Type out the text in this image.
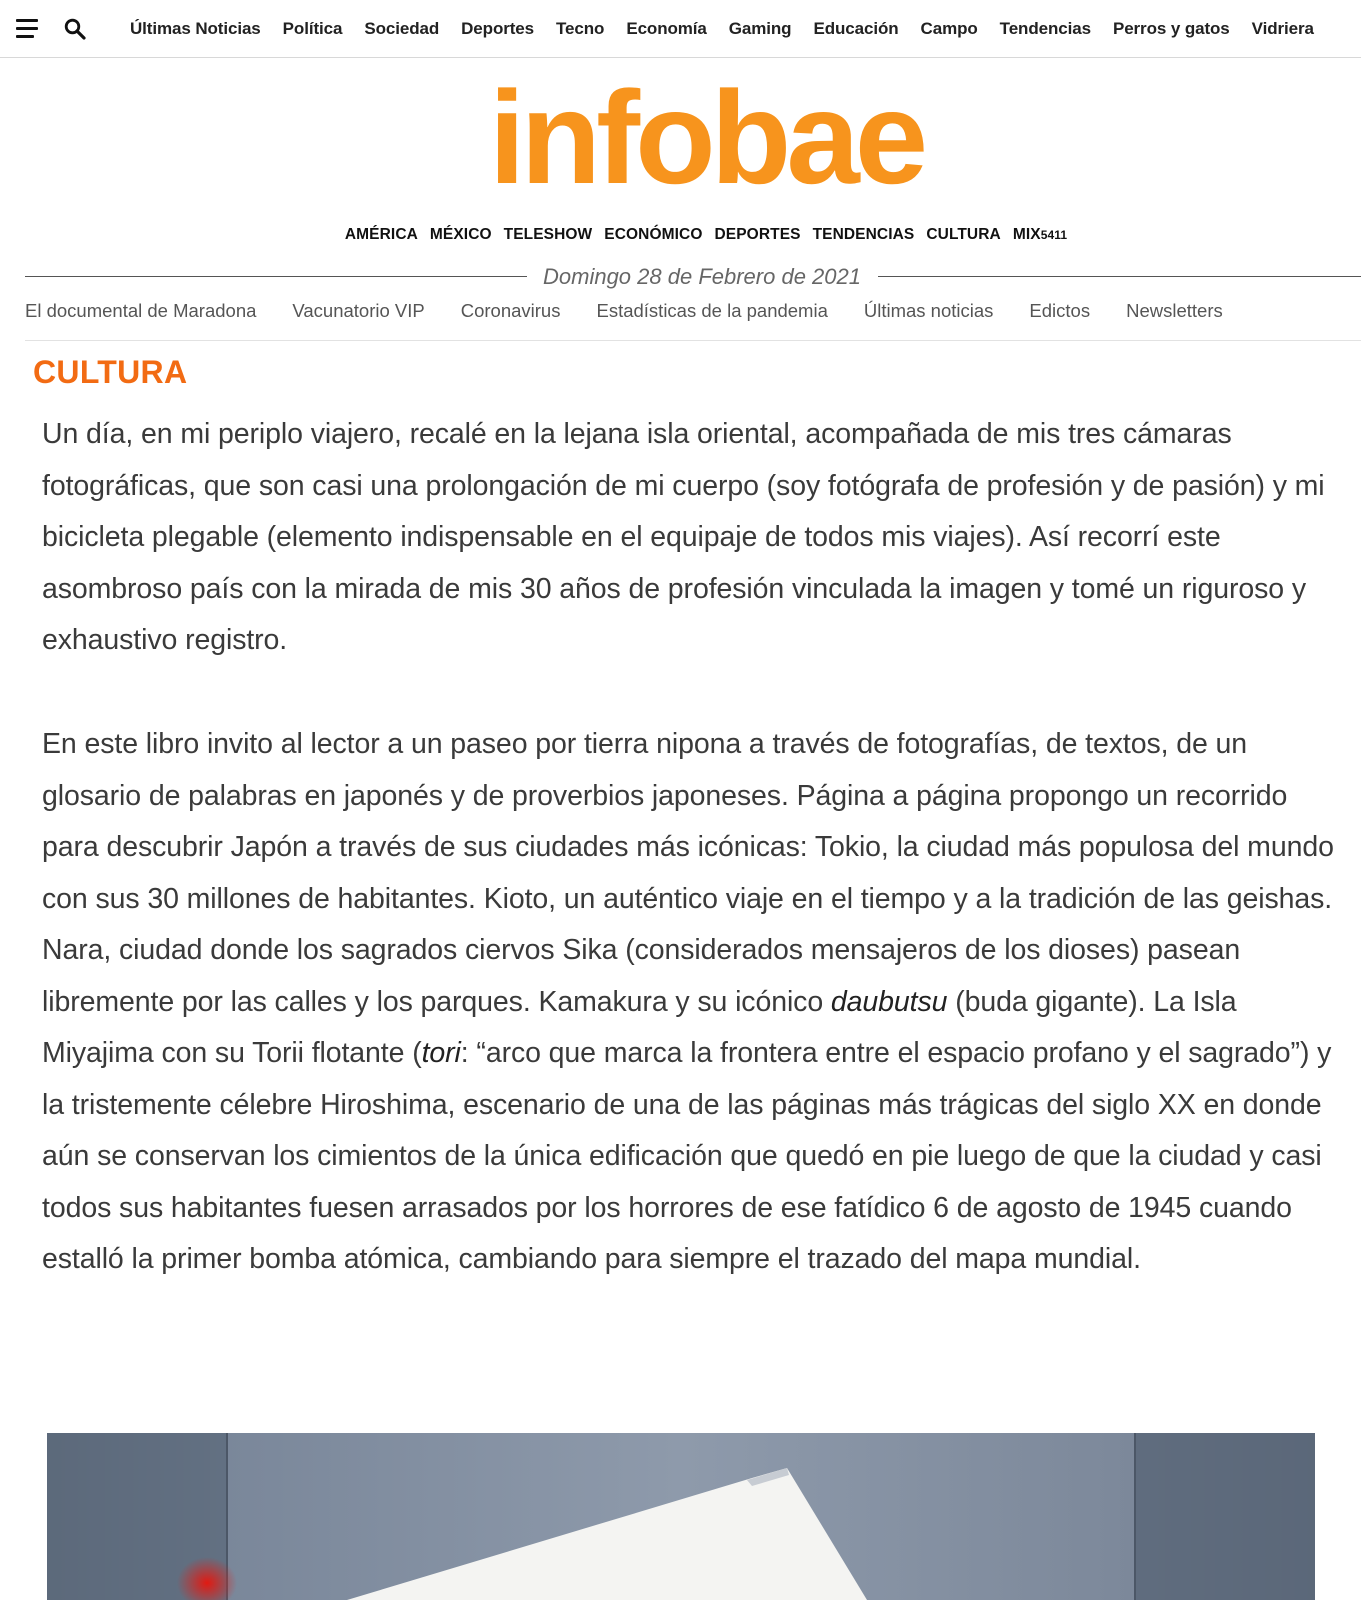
Últimas Noticias Política Sociedad Deportes Tecno Economía Gaming Educación Campo Tendencias Perros y gatos Vidriera
infobae
AMÉRICA MÉXICO TELESHOW ECONÓMICO DEPORTES TENDENCIAS CULTURA MIX5411
Domingo 28 de Febrero de 2021
El documental de Maradona Vacunatorio VIP Coronavirus Estadísticas de la pandemia Últimas noticias Edictos Newsletters
CULTURA

Un día, en mi periplo viajero, recalé en la lejana isla oriental, acompañada de mis tres cámaras fotográficas, que son casi una prolongación de mi cuerpo (soy fotógrafa de profesión y de pasión) y mi bicicleta plegable (elemento indispensable en el equipaje de todos mis viajes). Así recorrí este asombroso país con la mirada de mis 30 años de profesión vinculada la imagen y tomé un riguroso y exhaustivo registro.

En este libro invito al lector a un paseo por tierra nipona a través de fotografías, de textos, de un glosario de palabras en japonés y de proverbios japoneses. Página a página propongo un recorrido para descubrir Japón a través de sus ciudades más icónicas: Tokio, la ciudad más populosa del mundo con sus 30 millones de habitantes. Kioto, un auténtico viaje en el tiempo y a la tradición de las geishas. Nara, ciudad donde los sagrados ciervos Sika (considerados mensajeros de los dioses) pasean libremente por las calles y los parques. Kamakura y su icónico daubutsu (buda gigante). La Isla Miyajima con su Torii flotante (tori: “arco que marca la frontera entre el espacio profano y el sagrado”) y la tristemente célebre Hiroshima, escenario de una de las páginas más trágicas del siglo XX en donde aún se conservan los cimientos de la única edificación que quedó en pie luego de que la ciudad y casi todos sus habitantes fuesen arrasados por los horrores de ese fatídico 6 de agosto de 1945 cuando estalló la primer bomba atómica, cambiando para siempre el trazado del mapa mundial.
